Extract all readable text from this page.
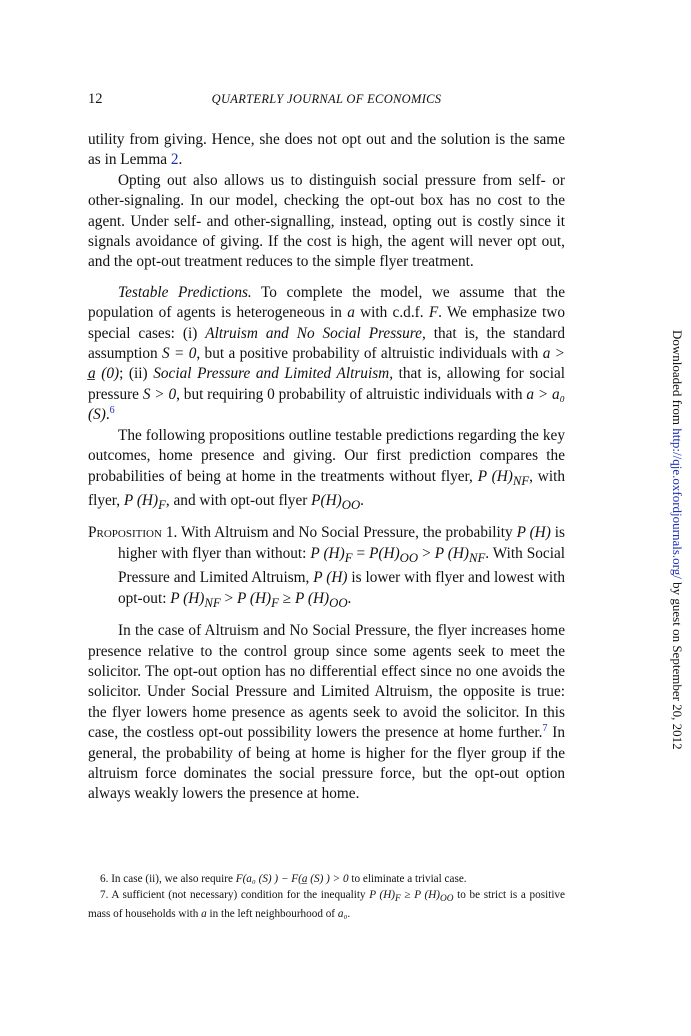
12	QUARTERLY JOURNAL OF ECONOMICS

utility from giving. Hence, she does not opt out and the solution is the same as in Lemma 2.

Opting out also allows us to distinguish social pressure from self- or other-signaling. In our model, checking the opt-out box has no cost to the agent. Under self- and other-signalling, instead, opting out is costly since it signals avoidance of giving. If the cost is high, the agent will never opt out, and the opt-out treatment reduces to the simple flyer treatment.

Testable Predictions. To complete the model, we assume that the population of agents is heterogeneous in a with c.d.f. F. We emphasize two special cases: (i) Altruism and No Social Pressure, that is, the standard assumption S = 0, but a positive probability of altruistic individuals with a > a̲ (0); (ii) Social Pressure and Limited Altruism, that is, allowing for social pressure S > 0, but requiring 0 probability of altruistic individuals with a > a₀ (S).$^6$

The following propositions outline testable predictions regarding the key outcomes, home presence and giving. Our first prediction compares the probabilities of being at home in the treatments without flyer, P $(H)_{NF}$, with flyer, P $(H)_F$, and with opt-out flyer $P(H)_{OO}$.

Proposition 1. With Altruism and No Social Pressure, the probability P (H) is higher with flyer than without: P $(H)_F = P(H)_{OO} > P$ $(H)_{NF}$. With Social Pressure and Limited Altruism, P (H) is lower with flyer and lowest with opt-out: P $(H)_{NF} > P$ $(H)_F \ge P$ $(H)_{OO}$.

In the case of Altruism and No Social Pressure, the flyer increases home presence relative to the control group since some agents seek to meet the solicitor. The opt-out option has no differential effect since no one avoids the solicitor. Under Social Pressure and Limited Altruism, the opposite is true: the flyer lowers home presence as agents seek to avoid the solicitor. In this case, the costless opt-out possibility lowers the presence at home further.$^7$ In general, the probability of being at home is higher for the flyer group if the altruism force dominates the social pressure force, but the opt-out option always weakly lowers the presence at home.

6. In case (ii), we also require F(a₀ (S) ) − F(a̲ (S) ) > 0 to eliminate a trivial case.

7. A sufficient (not necessary) condition for the inequality P $(H)_F \ge P$ $(H)_{OO}$ to be strict is a positive mass of households with a in the left neighbourhood of a₀.

Downloaded from http://qje.oxfordjournals.org/ by guest on September 20, 2012
